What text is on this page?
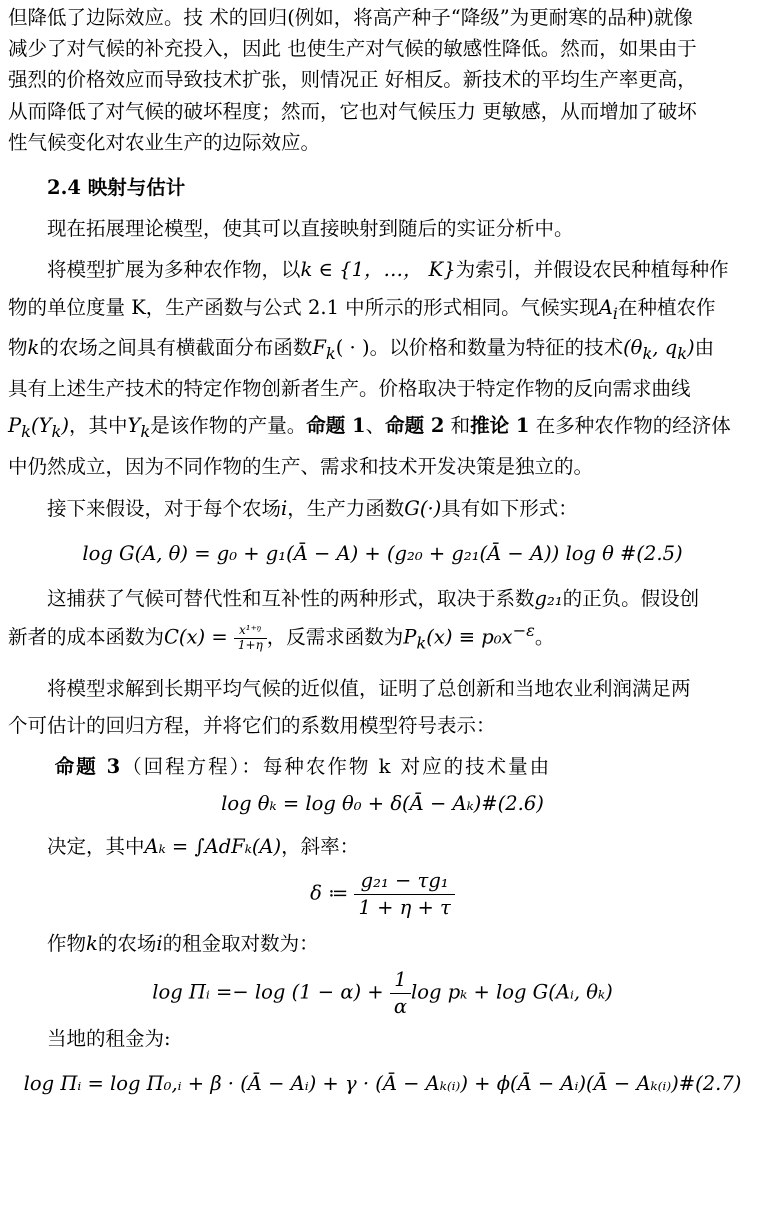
但降低了边际效应。技 术的回归(例如，将高产种子“降级”为更耐寒的品种)就像

减少了对气候的补充投入，因此 也使生产对气候的敏感性降低。然而，如果由于

强烈的价格效应而导致技术扩张，则情况正 好相反。新技术的平均生产率更高，

从而降低了对气候的破坏程度；然而，它也对气候压力 更敏感，从而增加了破坏

性气候变化对农业生产的边际效应。

2.4 映射与估计

现在拓展理论模型，使其可以直接映射到随后的实证分析中。

将模型扩展为多种农作物，以k ∈ {1，…， K}为索引，并假设农民种植每种作

物的单位度量 K，生产函数与公式 2.1 中所示的形式相同。气候实现$A_i$在种植农作

物k的农场之间具有横截面分布函数$F_k$( · )。以价格和数量为特征的技术($\theta_k$, $q_k$)由

具有上述生产技术的特定作物创新者生产。价格取决于特定作物的反向需求曲线

$P_k(Y_k)$，其中$Y_k$是该作物的产量。命题 1、命题 2 和推论 1 在多种农作物的经济体

中仍然成立，因为不同作物的生产、需求和技术开发决策是独立的。

接下来假设，对于每个农场i，生产力函数G(·)具有如下形式：

log G(A, θ) = g₀ + g₁(Ā − A) + (g₂₀ + g₂₁(Ā − A)) log θ #(2.5)

这捕获了气候可替代性和互补性的两种形式，取决于系数g₂₁的正负。假设创

新者的成本函数为$C(x) = \frac{\text{x¹⁺ᵑ}}{1+\eta}$ ，反需求函数为$P_k(x) \equiv p_0x^{-\varepsilon}$。

将模型求解到长期平均气候的近似值，证明了总创新和当地农业利润满足两

个可估计的回归方程，并将它们的系数用模型符号表示：

命题 3（回程方程）：每种农作物 k 对应的技术量由

log θₖ = log θ₀ + δ(Ā − Aₖ)#(2.6)

决定，其中Aₖ = ∫AdFₖ(A)，斜率：

δ ≔ $\frac{\text{g₂₁ − τg₁}}{1 + \eta + \tau}$

作物k的农场i的租金取对数为：

log Πᵢ =− $\log (1 - \alpha) + \frac{1}{\alpha}$ log pₖ + log G(Aᵢ, θₖ)

当地的租金为:

log Πᵢ = log Π₀,ᵢ + β · (Ā − Aᵢ) + γ · (Ā − Aₖ₍ᵢ₎) + ϕ(Ā − Aᵢ)(Ā − Aₖ₍ᵢ₎)#(2.7)
